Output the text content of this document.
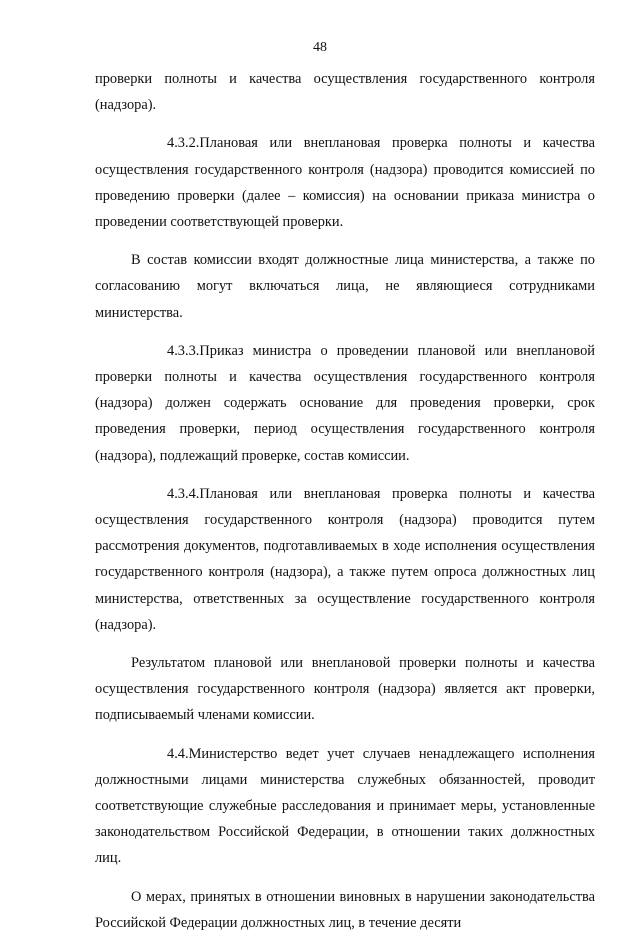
48

проверки полноты и качества осуществления государственного контроля (надзора).

4.3.2.Плановая или внеплановая проверка полноты и качества осуществления государственного контроля (надзора) проводится комиссией по проведению проверки (далее – комиссия) на основании приказа министра о проведении соответствующей проверки.

В состав комиссии входят должностные лица министерства, а также по согласованию могут включаться лица, не являющиеся сотрудниками министерства.

4.3.3.Приказ министра о проведении плановой или внеплановой проверки полноты и качества осуществления государственного контроля (надзора) должен содержать основание для проведения проверки, срок проведения проверки, период осуществления государственного контроля (надзора), подлежащий проверке, состав комиссии.

4.3.4.Плановая или внеплановая проверка полноты и качества осуществления государственного контроля (надзора) проводится путем рассмотрения документов, подготавливаемых в ходе исполнения осуществления государственного контроля (надзора), а также путем опроса должностных лиц министерства, ответственных за осуществление государственного контроля (надзора).

Результатом плановой или внеплановой проверки полноты и качества осуществления государственного контроля (надзора) является акт проверки, подписываемый членами комиссии.

4.4.Министерство ведет учет случаев ненадлежащего исполнения должностными лицами министерства служебных обязанностей, проводит соответствующие служебные расследования и принимает меры, установленные законодательством Российской Федерации, в отношении таких должностных лиц.

О мерах, принятых в отношении виновных в нарушении законодательства Российской Федерации должностных лиц, в течение десяти
